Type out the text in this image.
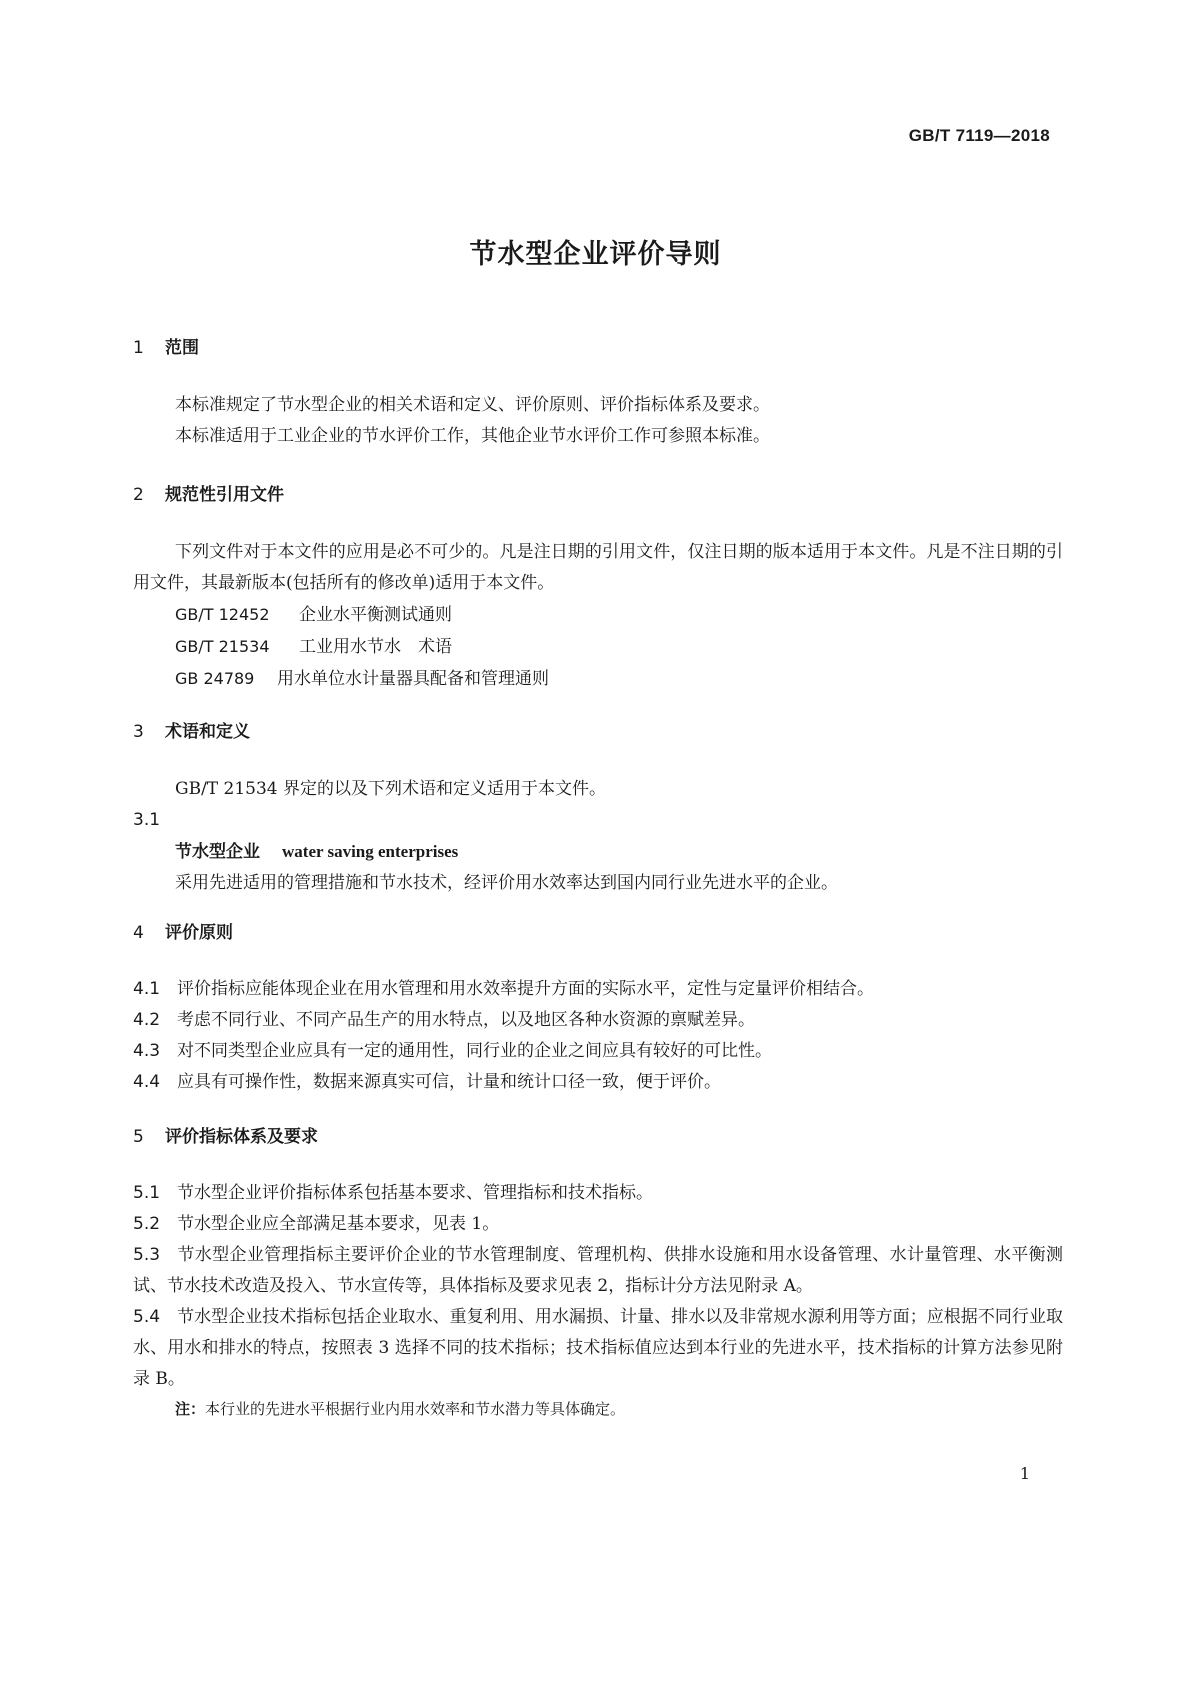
GB/T 7119—2018
节水型企业评价导则
1 范围
本标准规定了节水型企业的相关术语和定义、评价原则、评价指标体系及要求。
本标准适用于工业企业的节水评价工作，其他企业节水评价工作可参照本标准。
2 规范性引用文件
下列文件对于本文件的应用是必不可少的。凡是注日期的引用文件，仅注日期的版本适用于本文件。凡是不注日期的引用文件，其最新版本(包括所有的修改单)适用于本文件。
GB/T 12452 企业水平衡测试通则
GB/T 21534 工业用水节水　术语
GB 24789 用水单位水计量器具配备和管理通则
3 术语和定义
GB/T 21534 界定的以及下列术语和定义适用于本文件。
3.1
节水型企业 water saving enterprises
采用先进适用的管理措施和节水技术，经评价用水效率达到国内同行业先进水平的企业。
4 评价原则
4.1 评价指标应能体现企业在用水管理和用水效率提升方面的实际水平，定性与定量评价相结合。
4.2 考虑不同行业、不同产品生产的用水特点，以及地区各种水资源的禀赋差异。
4.3 对不同类型企业应具有一定的通用性，同行业的企业之间应具有较好的可比性。
4.4 应具有可操作性，数据来源真实可信，计量和统计口径一致，便于评价。
5 评价指标体系及要求
5.1 节水型企业评价指标体系包括基本要求、管理指标和技术指标。
5.2 节水型企业应全部满足基本要求，见表 1。
5.3 节水型企业管理指标主要评价企业的节水管理制度、管理机构、供排水设施和用水设备管理、水计量管理、水平衡测试、节水技术改造及投入、节水宣传等，具体指标及要求见表 2，指标计分方法见附录 A。
5.4 节水型企业技术指标包括企业取水、重复利用、用水漏损、计量、排水以及非常规水源利用等方面；应根据不同行业取水、用水和排水的特点，按照表 3 选择不同的技术指标；技术指标值应达到本行业的先进水平，技术指标的计算方法参见附录 B。
注：本行业的先进水平根据行业内用水效率和节水潜力等具体确定。
1
